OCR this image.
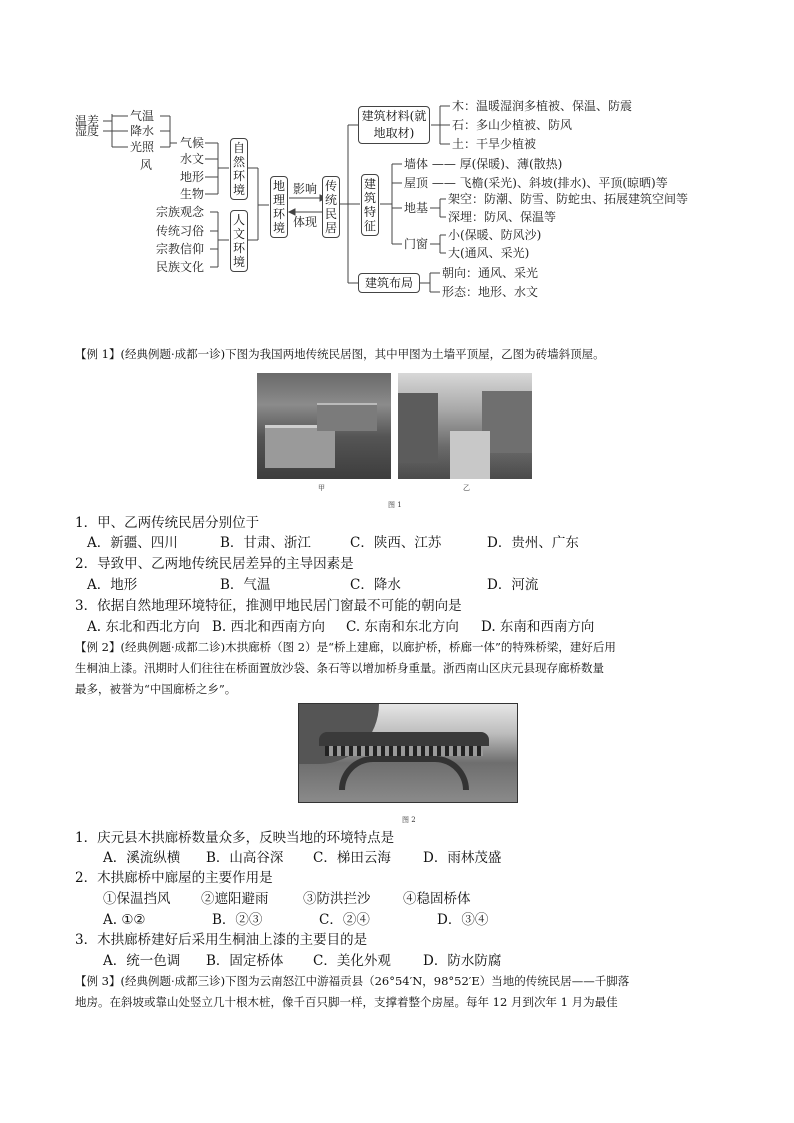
温差
湿度
气温
降水
光照
风
气候
水文
地形
生物
自然环境
宗族观念
传统习俗
宗教信仰
民族文化
人文环境
地理环境
影响
体现
传统民居
建筑材料(就地取材)
木：温暖湿润多植被、保温、防震
石：多山少植被、防风
土：干旱少植被
建筑特征
墙体 —— 厚(保暖)、薄(散热)
屋顶 —— 飞檐(采光)、斜坡(排水)、平顶(晾晒)等
地基
架空：防潮、防雪、防蛇虫、拓展建筑空间等
深埋：防风、保温等
门窗
小(保暖、防风沙)
大(通风、采光)
建筑布局
朝向：通风、采光
形态：地形、水文
【例 1】(经典例题·成都一诊)下图为我国两地传统民居图，其中甲图为土墙平顶屋，乙图为砖墙斜顶屋。
甲	乙
图 1
1．甲、乙两传统民居分别位于
A．新疆、四川	B．甘肃、浙江	C．陕西、江苏	D．贵州、广东
2．导致甲、乙两地传统民居差异的主导因素是
A．地形	B．气温	C．降水	D．河流
3．依据自然地理环境特征，推测甲地民居门窗最不可能的朝向是
A. 东北和西北方向 B. 西北和西南方向 C. 东南和东北方向 D. 东南和西南方向
【例 2】(经典例题·成都二诊)木拱廊桥（图 2）是“桥上建廊，以廊护桥，桥廊一体”的特殊桥梁，建好后用
生桐油上漆。汛期时人们往往在桥面置放沙袋、条石等以增加桥身重量。浙西南山区庆元县现存廊桥数量
最多，被誉为“中国廊桥之乡”。
图 2
1．庆元县木拱廊桥数量众多，反映当地的环境特点是
A．溪流纵横 B．山高谷深 C．梯田云海 D．雨林茂盛
2．木拱廊桥中廊屋的主要作用是
①保温挡风 ②遮阳避雨	③防洪拦沙 ④稳固桥体
A. ①②	B．②③	C．②④	D．③④
3．木拱廊桥建好后采用生桐油上漆的主要目的是
A．统一色调 B．固定桥体 C．美化外观 D．防水防腐
【例 3】(经典例题·成都三诊)下图为云南怒江中游福贡县（26°54′N，98°52′E）当地的传统民居——千脚落
地房。在斜坡或靠山处竖立几十根木桩，像千百只脚一样，支撑着整个房屋。每年 12 月到次年 1 月为最佳
